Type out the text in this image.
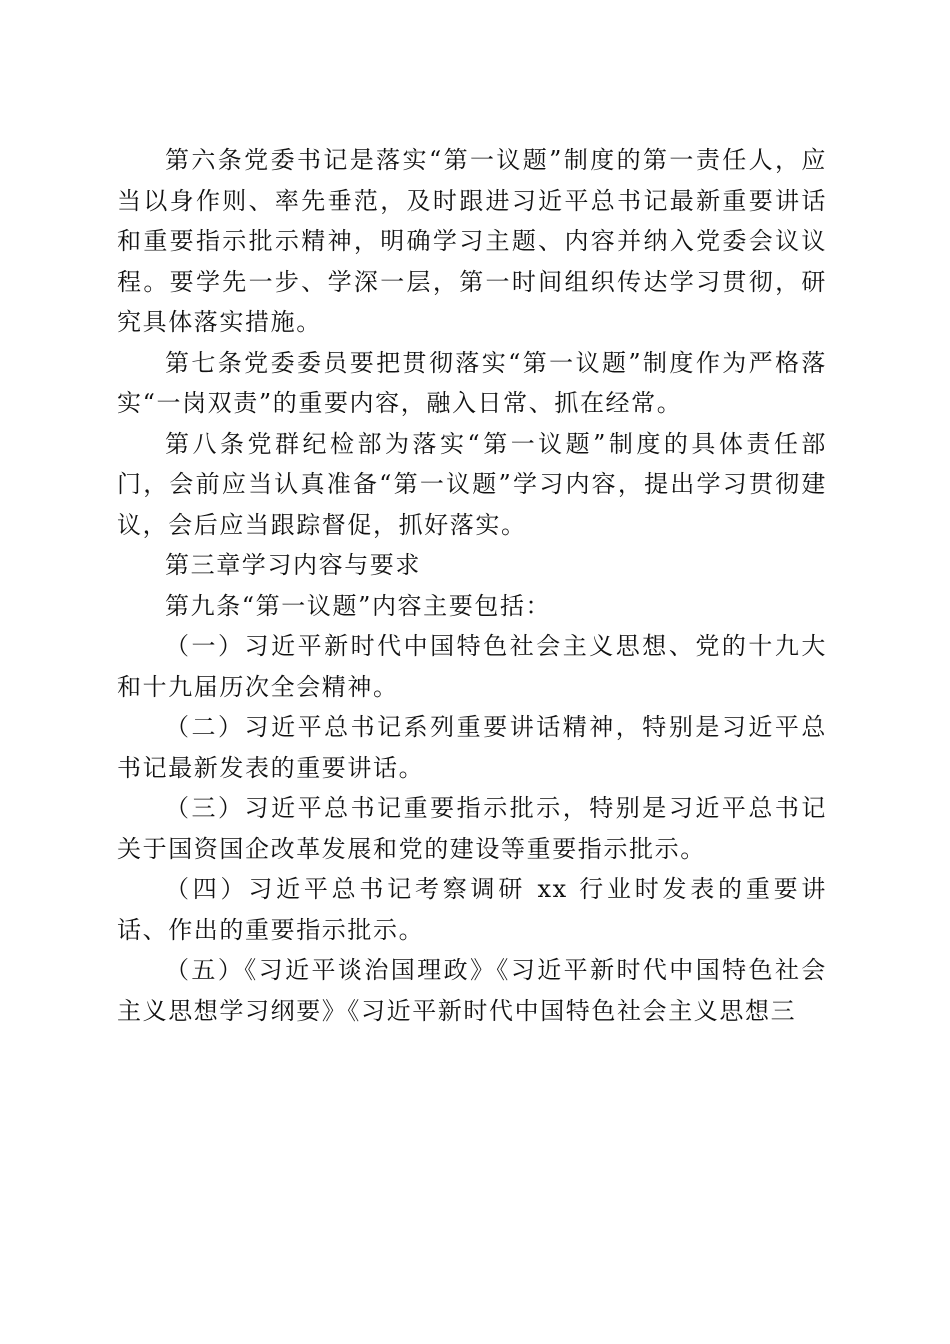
第六条党委书记是落实“第一议题”制度的第一责任人，应当以身作则、率先垂范，及时跟进习近平总书记最新重要讲话和重要指示批示精神，明确学习主题、内容并纳入党委会议议程。要学先一步、学深一层，第一时间组织传达学习贯彻，研究具体落实措施。

第七条党委委员要把贯彻落实“第一议题”制度作为严格落实“一岗双责”的重要内容，融入日常、抓在经常。

第八条党群纪检部为落实“第一议题”制度的具体责任部门，会前应当认真准备“第一议题”学习内容，提出学习贯彻建议，会后应当跟踪督促，抓好落实。

第三章学习内容与要求

第九条“第一议题”内容主要包括：

（一）习近平新时代中国特色社会主义思想、党的十九大和十九届历次全会精神。

（二）习近平总书记系列重要讲话精神，特别是习近平总书记最新发表的重要讲话。

（三）习近平总书记重要指示批示，特别是习近平总书记关于国资国企改革发展和党的建设等重要指示批示。

（四）习近平总书记考察调研 xx 行业时发表的重要讲话、作出的重要指示批示。

（五）《习近平谈治国理政》《习近平新时代中国特色社会主义思想学习纲要》《习近平新时代中国特色社会主义思想三
